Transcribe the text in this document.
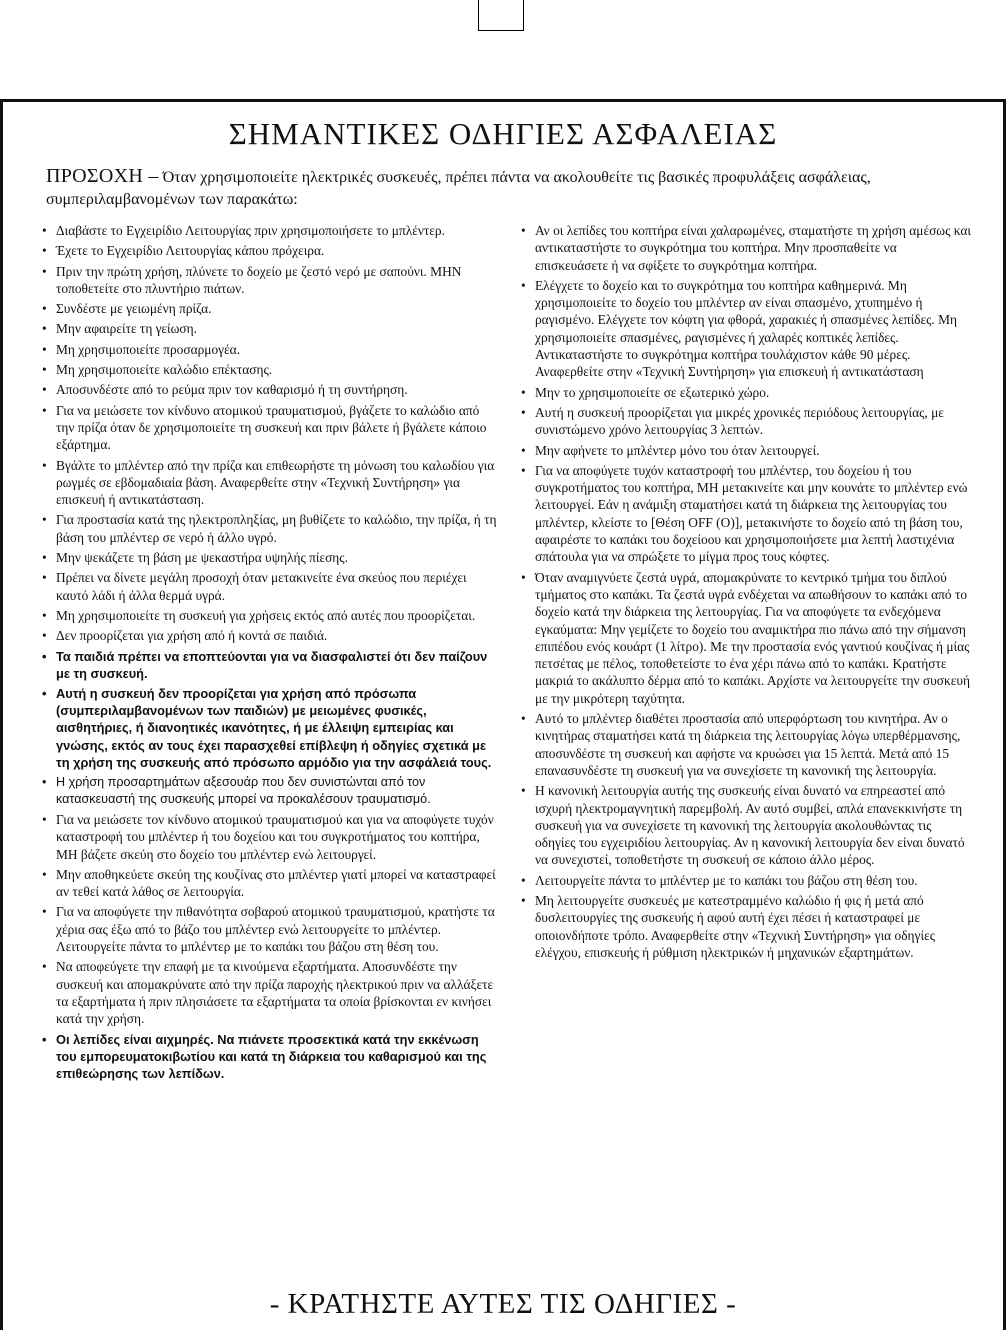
ΣΗΜΑΝΤΙΚΕΣ ΟΔΗΓΙΕΣ ΑΣΦΑΛΕΙΑΣ
ΠΡΟΣΟΧΗ – Όταν χρησιμοποιείτε ηλεκτρικές συσκευές, πρέπει πάντα να ακολουθείτε τις βασικές προφυλάξεις ασφάλειας, συμπεριλαμβανομένων των παρακάτω:
• Διαβάστε το Εγχειρίδιο Λειτουργίας πριν χρησιμοποιήσετε το μπλέντερ.
• Έχετε το Εγχειρίδιο Λειτουργίας κάπου πρόχειρα.
• Πριν την πρώτη χρήση, πλύνετε το δοχείο με ζεστό νερό με σαπούνι. ΜΗΝ τοποθετείτε στο πλυντήριο πιάτων.
• Συνδέστε με γειωμένη πρίζα.
• Μην αφαιρείτε τη γείωση.
• Μη χρησιμοποιείτε προσαρμογέα.
• Μη χρησιμοποιείτε καλώδιο επέκτασης.
• Αποσυνδέστε από το ρεύμα πριν τον καθαρισμό ή τη συντήρηση.
• Για να μειώσετε τον κίνδυνο ατομικού τραυματισμού, βγάζετε το καλώδιο από την πρίζα όταν δε χρησιμοποιείτε τη συσκευή και πριν βάλετε ή βγάλετε κάποιο εξάρτημα.
• Βγάλτε το μπλέντερ από την πρίζα και επιθεωρήστε τη μόνωση του καλωδίου για ρωγμές σε εβδομαδιαία βάση. Αναφερθείτε στην «Τεχνική Συντήρηση» για επισκευή ή αντικατάσταση.
• Για προστασία κατά της ηλεκτροπληξίας, μη βυθίζετε το καλώδιο, την πρίζα, ή τη βάση του μπλέντερ σε νερό ή άλλο υγρό.
• Μην ψεκάζετε τη βάση με ψεκαστήρα υψηλής πίεσης.
• Πρέπει να δίνετε μεγάλη προσοχή όταν μετακινείτε ένα σκεύος που περιέχει καυτό λάδι ή άλλα θερμά υγρά.
• Μη χρησιμοποιείτε τη συσκευή για χρήσεις εκτός από αυτές που προορίζεται.
• Δεν προορίζεται για χρήση από ή κοντά σε παιδιά.
• Τα παιδιά πρέπει να εποπτεύονται για να διασφαλιστεί ότι δεν παίζουν με τη συσκευή.
• Αυτή η συσκευή δεν προορίζεται για χρήση από πρόσωπα (συμπεριλαμβανομένων των παιδιών) με μειωμένες φυσικές, αισθητήριες, ή διανοητικές ικανότητες, ή με έλλειψη εμπειρίας και γνώσης, εκτός αν τους έχει παρασχεθεί επίβλεψη ή οδηγίες σχετικά με τη χρήση της συσκευής από πρόσωπο αρμόδιο για την ασφάλειά τους.
• Η χρήση προσαρτημάτων αξεσουάρ που δεν συνιστώνται από τον κατασκευαστή της συσκευής μπορεί να προκαλέσουν τραυματισμό.
• Για να μειώσετε τον κίνδυνο ατομικού τραυματισμού και για να αποφύγετε τυχόν καταστροφή του μπλέντερ ή του δοχείου και του συγκροτήματος του κοπτήρα, ΜΗ βάζετε σκεύη στο δοχείο του μπλέντερ ενώ λειτουργεί.
• Μην αποθηκεύετε σκεύη της κουζίνας στο μπλέντερ γιατί μπορεί να καταστραφεί αν τεθεί κατά λάθος σε λειτουργία.
• Για να αποφύγετε την πιθανότητα σοβαρού ατομικού τραυματισμού, κρατήστε τα χέρια σας έξω από το βάζο του μπλέντερ ενώ λειτουργείτε το μπλέντερ. Λειτουργείτε πάντα το μπλέντερ με το καπάκι του βάζου στη θέση του.
• Να αποφεύγετε την επαφή με τα κινούμενα εξαρτήματα. Αποσυνδέστε την συσκευή και απομακρύνατε από την πρίζα παροχής ηλεκτρικού πριν να αλλάξετε τα εξαρτήματα ή πριν πλησιάσετε τα εξαρτήματα τα οποία βρίσκονται εν κινήσει κατά την χρήση.
• Οι λεπίδες είναι αιχμηρές. Να πιάνετε προσεκτικά κατά την εκκένωση του εμπορευματοκιβωτίου και κατά τη διάρκεια του καθαρισμού και της επιθεώρησης των λεπίδων.
• Αν οι λεπίδες του κοπτήρα είναι χαλαρωμένες, σταματήστε τη χρήση αμέσως και αντικαταστήστε το συγκρότημα του κοπτήρα. Μην προσπαθείτε να επισκευάσετε ή να σφίξετε το συγκρότημα κοπτήρα.
• Ελέγχετε το δοχείο και το συγκρότημα του κοπτήρα καθημερινά. Μη χρησιμοποιείτε το δοχείο του μπλέντερ αν είναι σπασμένο, χτυπημένο ή ραγισμένο. Ελέγχετε τον κόφτη για φθορά, χαρακιές ή σπασμένες λεπίδες. Μη χρησιμοποιείτε σπασμένες, ραγισμένες ή χαλαρές κοπτικές λεπίδες. Αντικαταστήστε το συγκρότημα κοπτήρα τουλάχιστον κάθε 90 μέρες. Αναφερθείτε στην «Τεχνική Συντήρηση» για επισκευή ή αντικατάσταση
• Μην το χρησιμοποιείτε σε εξωτερικό χώρο.
• Αυτή η συσκευή προορίζεται για μικρές χρονικές περιόδους λειτουργίας, με συνιστώμενο χρόνο λειτουργίας 3 λεπτών.
• Μην αφήνετε το μπλέντερ μόνο του όταν λειτουργεί.
• Για να αποφύγετε τυχόν καταστροφή του μπλέντερ, του δοχείου ή του συγκροτήματος του κοπτήρα, ΜΗ μετακινείτε και μην κουνάτε το μπλέντερ ενώ λειτουργεί. Εάν η ανάμιξη σταματήσει κατά τη διάρκεια της λειτουργίας του μπλέντερ, κλείστε το [Θέση OFF (O)], μετακινήστε το δοχείο από τη βάση του, αφαιρέστε το καπάκι του δοχείοου και χρησιμοποιήσετε μια λεπτή λαστιχένια σπάτουλα για να σπρώξετε το μίγμα προς τους κόφτες.
• Όταν αναμιγνύετε ζεστά υγρά, απομακρύνατε το κεντρικό τμήμα του διπλού τμήματος στο καπάκι. Τα ζεστά υγρά ενδέχεται να απωθήσουν το καπάκι από το δοχείο κατά την διάρκεια της λειτουργίας. Για να αποφύγετε τα ενδεχόμενα εγκαύματα: Μην γεμίζετε το δοχείο του αναμικτήρα πιο πάνω από την σήμανση επιπέδου ενός κουάρτ (1 λίτρο). Με την προστασία ενός γαντιού κουζίνας ή μίας πετσέτας με πέλος, τοποθετείστε το ένα χέρι πάνω από το καπάκι. Κρατήστε μακριά το ακάλυπτο δέρμα από το καπάκι. Αρχίστε να λειτουργείτε την συσκευή με την μικρότερη ταχύτητα.
• Αυτό το μπλέντερ διαθέτει προστασία από υπερφόρτωση του κινητήρα. Αν ο κινητήρας σταματήσει κατά τη διάρκεια της λειτουργίας λόγω υπερθέρμανσης, αποσυνδέστε τη συσκευή και αφήστε να κρυώσει για 15 λεπτά. Μετά από 15 επανασυνδέστε τη συσκευή για να συνεχίσετε τη κανονική της λειτουργία.
• Η κανονική λειτουργία αυτής της συσκευής είναι δυνατό να επηρεαστεί από ισχυρή ηλεκτρομαγνητική παρεμβολή. Αν αυτό συμβεί, απλά επανεκκινήστε τη συσκευή για να συνεχίσετε τη κανονική της λειτουργία ακολουθώντας τις οδηγίες του εγχειριδίου λειτουργίας. Αν η κανονική λειτουργία δεν είναι δυνατό να συνεχιστεί, τοποθετήστε τη συσκευή σε κάποιο άλλο μέρος.
• Λειτουργείτε πάντα το μπλέντερ με το καπάκι του βάζου στη θέση του.
• Μη λειτουργείτε συσκευές με κατεστραμμένο καλώδιο ή φις ή μετά από δυσλειτουργίες της συσκευής ή αφού αυτή έχει πέσει ή καταστραφεί με οποιονδήποτε τρόπο. Αναφερθείτε στην «Τεχνική Συντήρηση» για οδηγίες ελέγχου, επισκευής ή ρύθμιση ηλεκτρικών ή μηχανικών εξαρτημάτων.
- ΚΡΑΤΗΣΤΕ ΑΥΤΕΣ ΤΙΣ ΟΔΗΓΙΕΣ -
